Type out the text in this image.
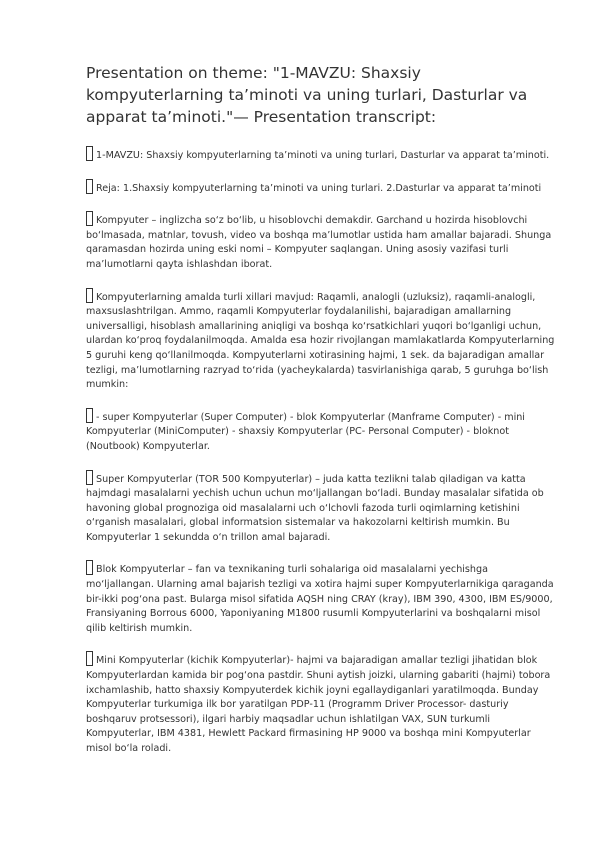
Presentation on theme: "1-MAVZU: Shaxsiy kompyuterlarning ta’minoti va uning turlari, Dasturlar va apparat ta’minoti."— Presentation transcript:
1-MAVZU: Shaxsiy kompyuterlarning ta’minoti va uning turlari, Dasturlar va apparat ta’minoti.
Reja: 1.Shaxsiy kompyuterlarning ta’minoti va uning turlari. 2.Dasturlar va apparat ta’minoti
Kompyuter – inglizcha so‘z bo‘lib, u hisoblovchi demakdir. Garchand u hozirda hisoblovchi bo‘lmasada, matnlar, tovush, video va boshqa ma’lumotlar ustida ham amallar bajaradi. Shunga qaramasdan hozirda uning eski nomi – Kompyuter saqlangan. Uning asosiy vazifasi turli ma’lumotlarni qayta ishlashdan iborat.
Kompyuterlarning amalda turli xillari mavjud: Raqamli, analogli (uzluksiz), raqamli-analogli, maxsuslashtrilgan. Ammo, raqamli Kompyuterlar foydalanilishi, bajaradigan amallarning universalligi, hisoblash amallarining aniqligi va boshqa ko‘rsatkichlari yuqori bo‘lganligi uchun, ulardan ko‘proq foydalanilmoqda. Amalda esa hozir rivojlangan mamlakatlarda Kompyuterlarning 5 guruhi keng qo‘llanilmoqda. Kompyuterlarni xotirasining hajmi, 1 sek. da bajaradigan amallar tezligi, ma’lumotlarning razryad to‘rida (yacheykalarda) tasvirlanishiga qarab, 5 guruhga bo‘lish mumkin:
- super Kompyuterlar (Super Computer) - blok Kompyuterlar (Manframe Computer) - mini Kompyuterlar (MiniComputer) - shaxsiy Kompyuterlar (PC- Personal Computer) - bloknot (Noutbook) Kompyuterlar.
Super Kompyuterlar (TOR 500 Kompyuterlar) – juda katta tezlikni talab qiladigan va katta hajmdagi masalalarni yechish uchun uchun mo‘ljallangan bo‘ladi. Bunday masalalar sifatida ob havoning global prognoziga oid masalalarni uch o‘lchovli fazoda turli oqimlarning ketishini o‘rganish masalalari, global informatsion sistemalar va hakozolarni keltirish mumkin. Bu Kompyuterlar 1 sekundda o‘n trillon amal bajaradi.
Blok Kompyuterlar – fan va texnikaning turli sohalariga oid masalalarni yechishga mo‘ljallangan. Ularning amal bajarish tezligi va xotira hajmi super Kompyuterlarnikiga qaraganda bir-ikki pog‘ona past. Bularga misol sifatida AQSH ning CRAY (kray), IBM 390, 4300, IBM ES/9000, Fransiyaning Borrous 6000, Yaponiyaning M1800 rusumli Kompyuterlarini va boshqalarni misol qilib keltirish mumkin.
Mini Kompyuterlar (kichik Kompyuterlar)- hajmi va bajaradigan amallar tezligi jihatidan blok Kompyuterlardan kamida bir pog‘ona pastdir. Shuni aytish joizki, ularning gabariti (hajmi) tobora ixchamlashib, hatto shaxsiy Kompyuterdek kichik joyni egallaydiganlari yaratilmoqda. Bunday Kompyuterlar turkumiga ilk bor yaratilgan PDP-11 (Programm Driver Processor- dasturiy boshqaruv protsessori), ilgari harbiy maqsadlar uchun ishlatilgan VAX, SUN turkumli Kompyuterlar, IBM 4381, Hewlett Packard firmasining HP 9000 va boshqa mini Kompyuterlar misol bo‘la roladi.
